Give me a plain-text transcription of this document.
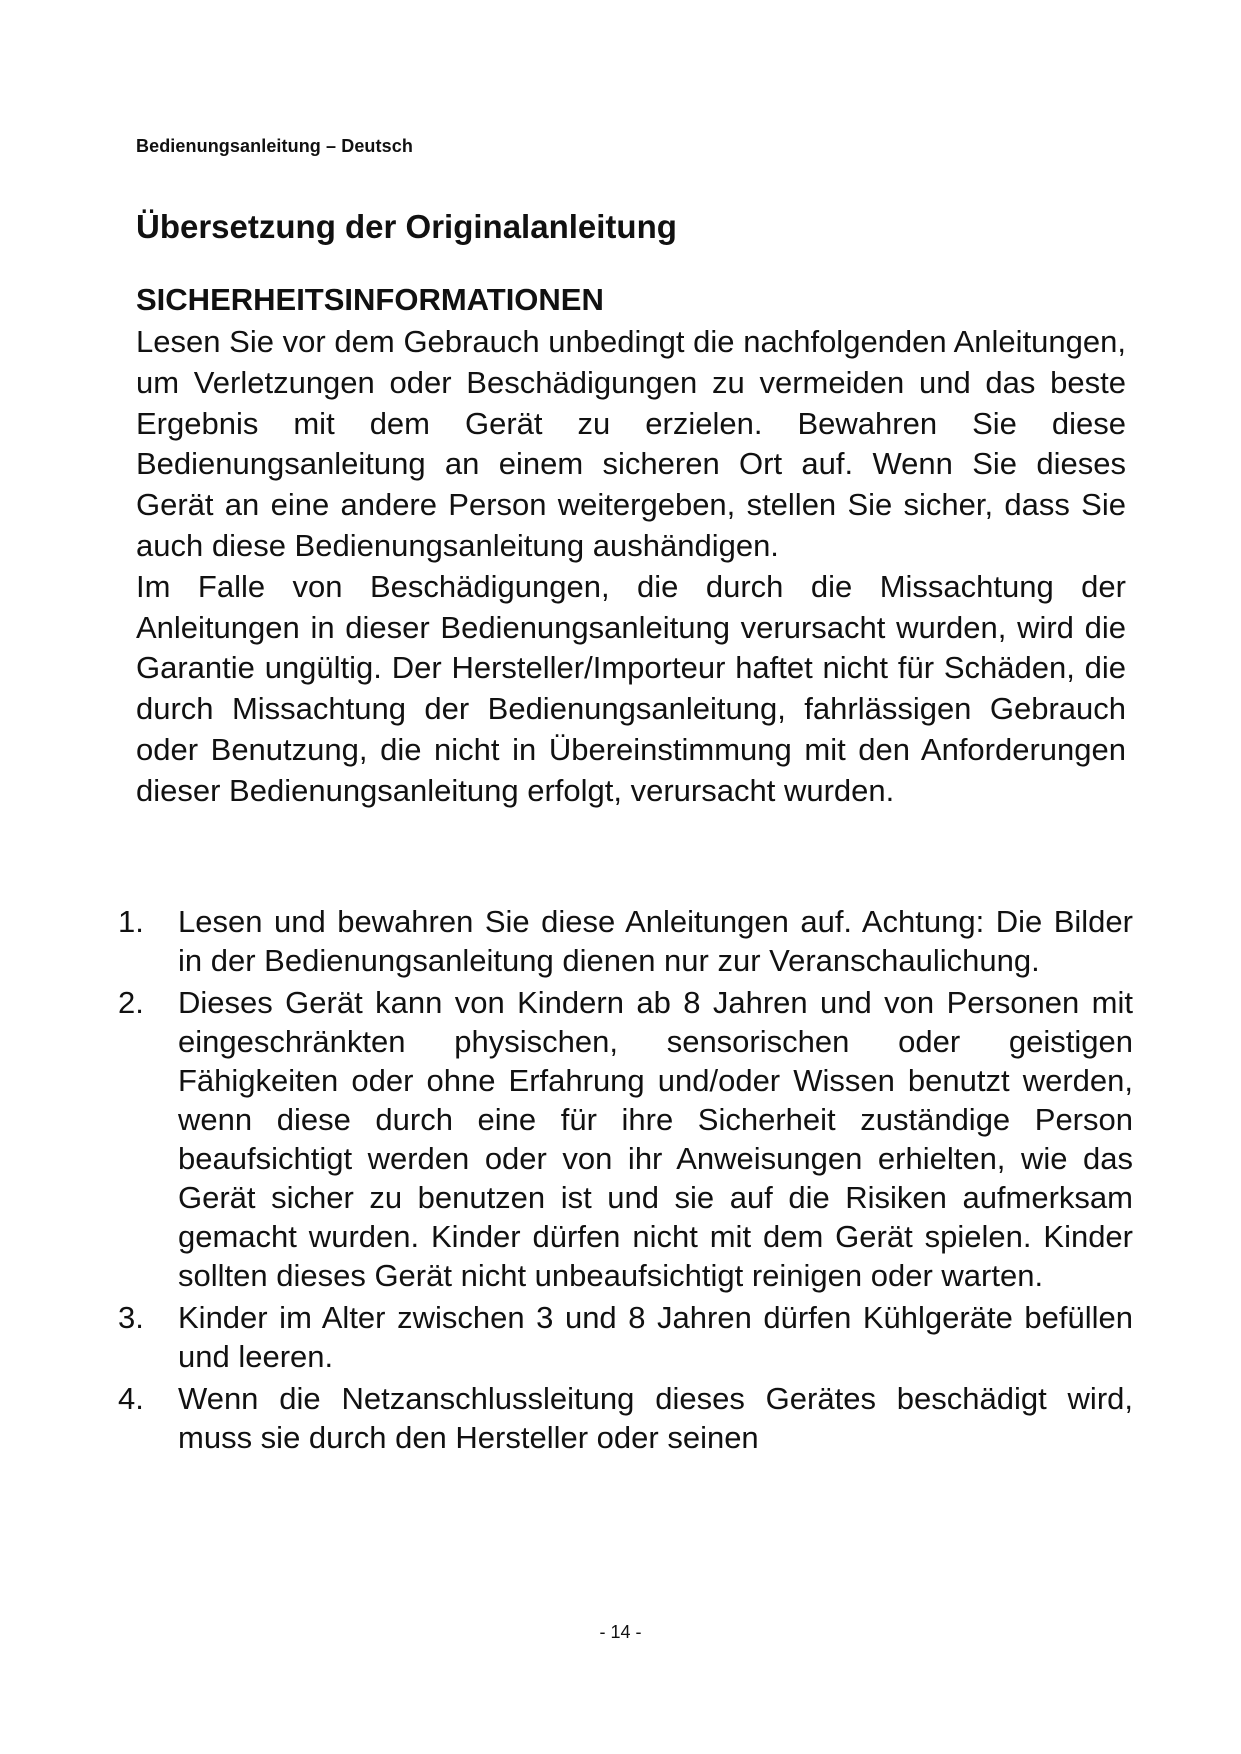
Bedienungsanleitung – Deutsch
Übersetzung der Originalanleitung
SICHERHEITSINFORMATIONEN

Lesen Sie vor dem Gebrauch unbedingt die nachfolgenden Anleitungen, um Verletzungen oder Beschädigungen zu vermeiden und das beste Ergebnis mit dem Gerät zu erzielen. Bewahren Sie diese Bedienungsanleitung an einem sicheren Ort auf. Wenn Sie dieses Gerät an eine andere Person weitergeben, stellen Sie sicher, dass Sie auch diese Bedienungsanleitung aushändigen.

Im Falle von Beschädigungen, die durch die Missachtung der Anleitungen in dieser Bedienungsanleitung verursacht wurden, wird die Garantie ungültig. Der Hersteller/Importeur haftet nicht für Schäden, die durch Missachtung der Bedienungsanleitung, fahrlässigen Gebrauch oder Benutzung, die nicht in Übereinstimmung mit den Anforderungen dieser Bedienungsanleitung erfolgt, verursacht wurden.

1. Lesen und bewahren Sie diese Anleitungen auf. Achtung: Die Bilder in der Bedienungsanleitung dienen nur zur Veranschaulichung.
2. Dieses Gerät kann von Kindern ab 8 Jahren und von Personen mit eingeschränkten physischen, sensorischen oder geistigen Fähigkeiten oder ohne Erfahrung und/oder Wissen benutzt werden, wenn diese durch eine für ihre Sicherheit zuständige Person beaufsichtigt werden oder von ihr Anweisungen erhielten, wie das Gerät sicher zu benutzen ist und sie auf die Risiken aufmerksam gemacht wurden. Kinder dürfen nicht mit dem Gerät spielen. Kinder sollten dieses Gerät nicht unbeaufsichtigt reinigen oder warten.
3. Kinder im Alter zwischen 3 und 8 Jahren dürfen Kühlgeräte befüllen und leeren.
4. Wenn die Netzanschlussleitung dieses Gerätes beschädigt wird, muss sie durch den Hersteller oder seinen
- 14 -
